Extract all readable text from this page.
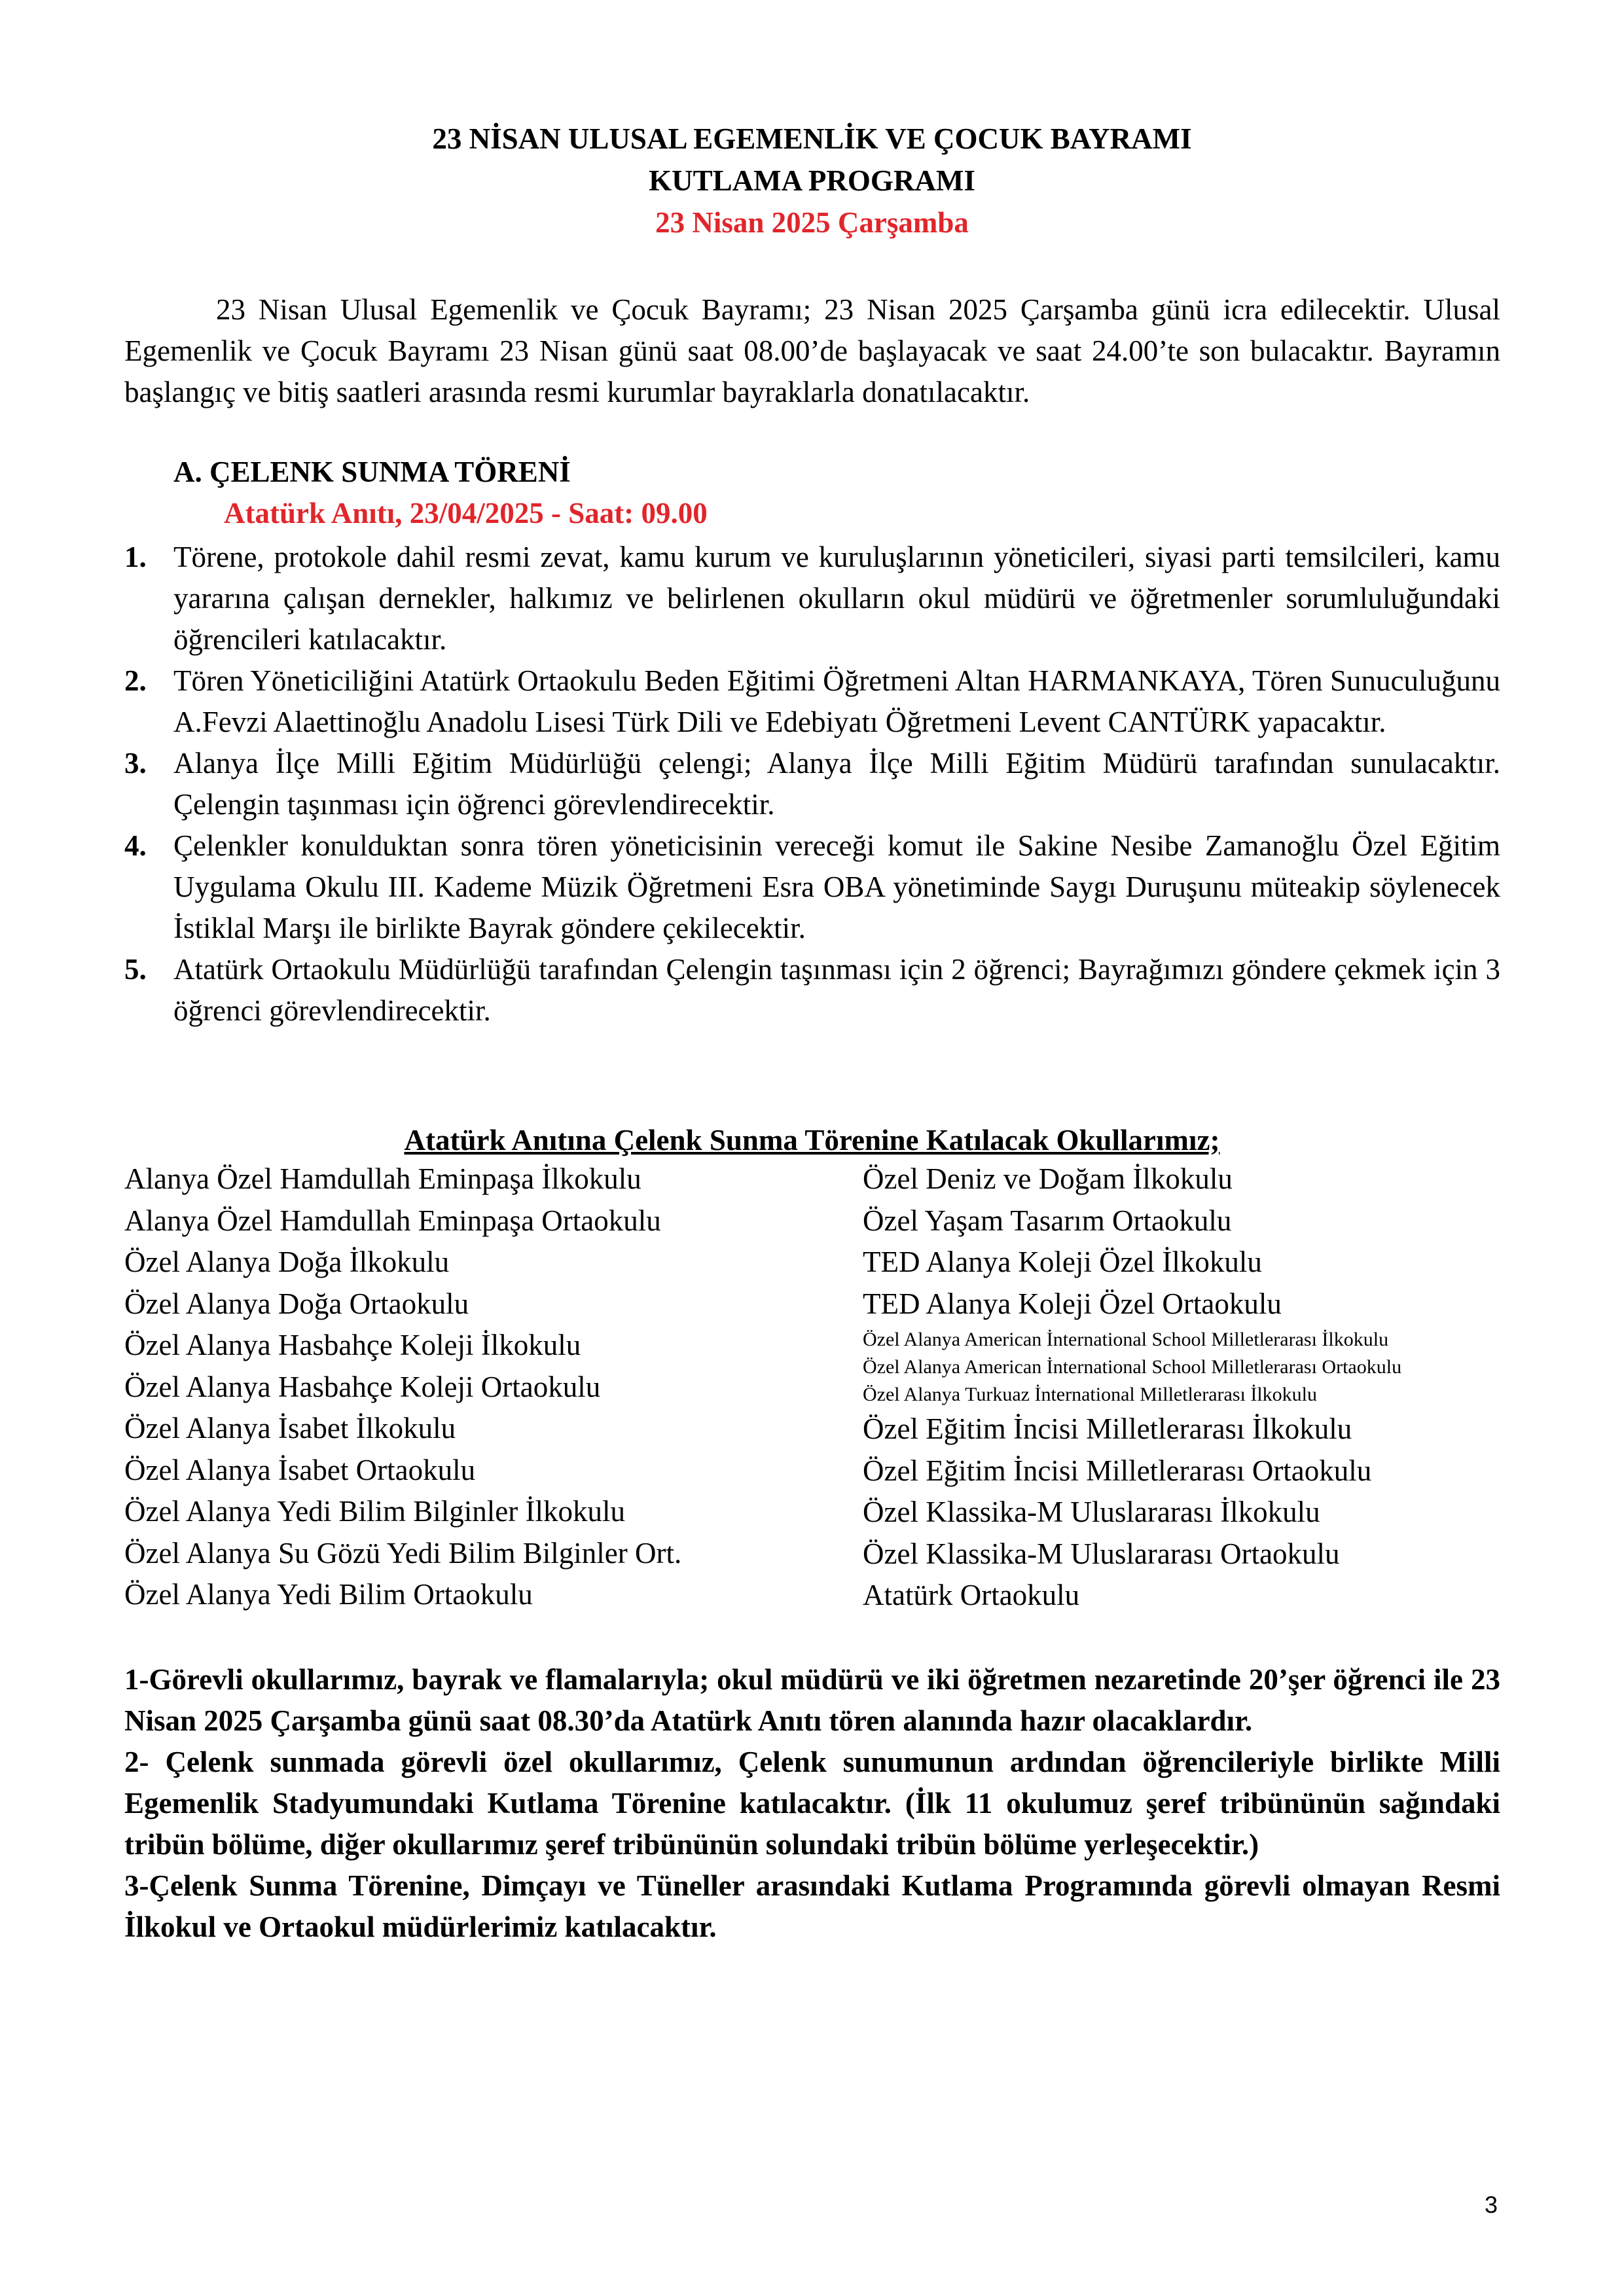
23 NİSAN ULUSAL EGEMENLİK VE ÇOCUK BAYRAMI
KUTLAMA PROGRAMI
23 Nisan 2025 Çarşamba
23 Nisan Ulusal Egemenlik ve Çocuk Bayramı; 23 Nisan 2025 Çarşamba günü icra edilecektir. Ulusal Egemenlik ve Çocuk Bayramı 23 Nisan günü saat 08.00’de başlayacak ve saat 24.00’te son bulacaktır. Bayramın başlangıç ve bitiş saatleri arasında resmi kurumlar bayraklarla donatılacaktır.
A. ÇELENK SUNMA TÖRENİ
Atatürk Anıtı, 23/04/2025 - Saat: 09.00
1. Törene, protokole dahil resmi zevat, kamu kurum ve kuruluşlarının yöneticileri, siyasi parti temsilcileri, kamu yararına çalışan dernekler, halkımız ve belirlenen okulların okul müdürü ve öğretmenler sorumluluğundaki öğrencileri katılacaktır.
2. Tören Yöneticiliğini Atatürk Ortaokulu Beden Eğitimi Öğretmeni Altan HARMANKAYA, Tören Sunuculuğunu A.Fevzi Alaettinoğlu Anadolu Lisesi Türk Dili ve Edebiyatı Öğretmeni Levent CANTÜRK yapacaktır.
3. Alanya İlçe Milli Eğitim Müdürlüğü çelengi; Alanya İlçe Milli Eğitim Müdürü tarafından sunulacaktır. Çelengin taşınması için öğrenci görevlendirecektir.
4. Çelenkler konulduktan sonra tören yöneticisinin vereceği komut ile Sakine Nesibe Zamanoğlu Özel Eğitim Uygulama Okulu III. Kademe Müzik Öğretmeni Esra OBA yönetiminde Saygı Duruşunu müteakip söylenecek İstiklal Marşı ile birlikte Bayrak göndere çekilecektir.
5. Atatürk Ortaokulu Müdürlüğü tarafından Çelengin taşınması için 2 öğrenci; Bayrağımızı göndere çekmek için 3 öğrenci görevlendirecektir.
Atatürk Anıtına Çelenk Sunma Törenine Katılacak Okullarımız;
Alanya Özel Hamdullah Eminpaşa İlkokulu
Alanya Özel Hamdullah Eminpaşa Ortaokulu
Özel Alanya Doğa İlkokulu
Özel Alanya Doğa Ortaokulu
Özel Alanya Hasbahçe Koleji İlkokulu
Özel Alanya Hasbahçe Koleji Ortaokulu
Özel Alanya İsabet İlkokulu
Özel Alanya İsabet Ortaokulu
Özel Alanya Yedi Bilim Bilginler İlkokulu
Özel Alanya Su Gözü Yedi Bilim Bilginler Ort.
Özel Alanya Yedi Bilim Ortaokulu
Özel Deniz ve Doğam İlkokulu
Özel Yaşam Tasarım Ortaokulu
TED Alanya Koleji Özel İlkokulu
TED Alanya Koleji Özel Ortaokulu
Özel Alanya American İnternational School Milletlerarası İlkokulu
Özel Alanya American İnternational School Milletlerarası Ortaokulu
Özel Alanya Turkuaz İnternational Milletlerarası İlkokulu
Özel Eğitim İncisi Milletlerarası İlkokulu
Özel Eğitim İncisi Milletlerarası Ortaokulu
Özel Klassika-M Uluslararası İlkokulu
Özel Klassika-M Uluslararası Ortaokulu
Atatürk Ortaokulu

1-Görevli okullarımız, bayrak ve flamalarıyla; okul müdürü ve iki öğretmen nezaretinde 20’şer öğrenci ile 23 Nisan 2025 Çarşamba günü saat 08.30’da Atatürk Anıtı tören alanında hazır olacaklardır.

2- Çelenk sunmada görevli özel okullarımız, Çelenk sunumunun ardından öğrencileriyle birlikte Milli Egemenlik Stadyumundaki Kutlama Törenine katılacaktır. (İlk 11 okulumuz şeref tribününün sağındaki tribün bölüme, diğer okullarımız şeref tribününün solundaki tribün bölüme yerleşecektir.)

3-Çelenk Sunma Törenine, Dimçayı ve Tüneller arasındaki Kutlama Programında görevli olmayan Resmi İlkokul ve Ortaokul müdürlerimiz katılacaktır.

3
